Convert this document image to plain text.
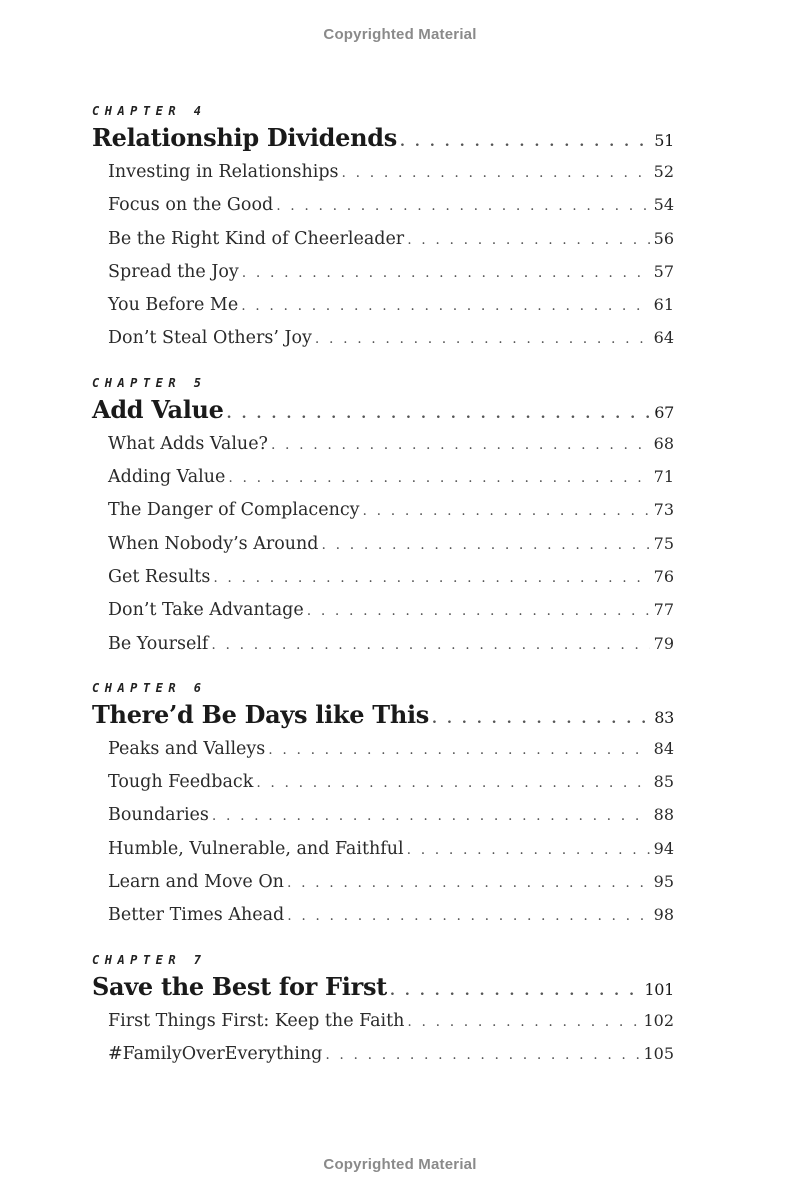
Copyrighted Material
CHAPTER 4
Relationship Dividends . . .	51
Investing in Relationships . . .	52
Focus on the Good . . .	54
Be the Right Kind of Cheerleader . . .	56
Spread the Joy . . .	57
You Before Me . . .	61
Don’t Steal Others’ Joy . . .	64
CHAPTER 5
Add Value . . .	67
What Adds Value? . . .	68
Adding Value . . .	71
The Danger of Complacency . . .	73
When Nobody’s Around . . .	75
Get Results . . .	76
Don’t Take Advantage . . .	77
Be Yourself . . .	79
CHAPTER 6
There’d Be Days like This . . .	83
Peaks and Valleys . . .	84
Tough Feedback . . .	85
Boundaries . . .	88
Humble, Vulnerable, and Faithful . . .	94
Learn and Move On . . .	95
Better Times Ahead . . .	98
CHAPTER 7
Save the Best for First . . .	101
First Things First: Keep the Faith . . .	102
#FamilyOverEverything . . .	105
Copyrighted Material
